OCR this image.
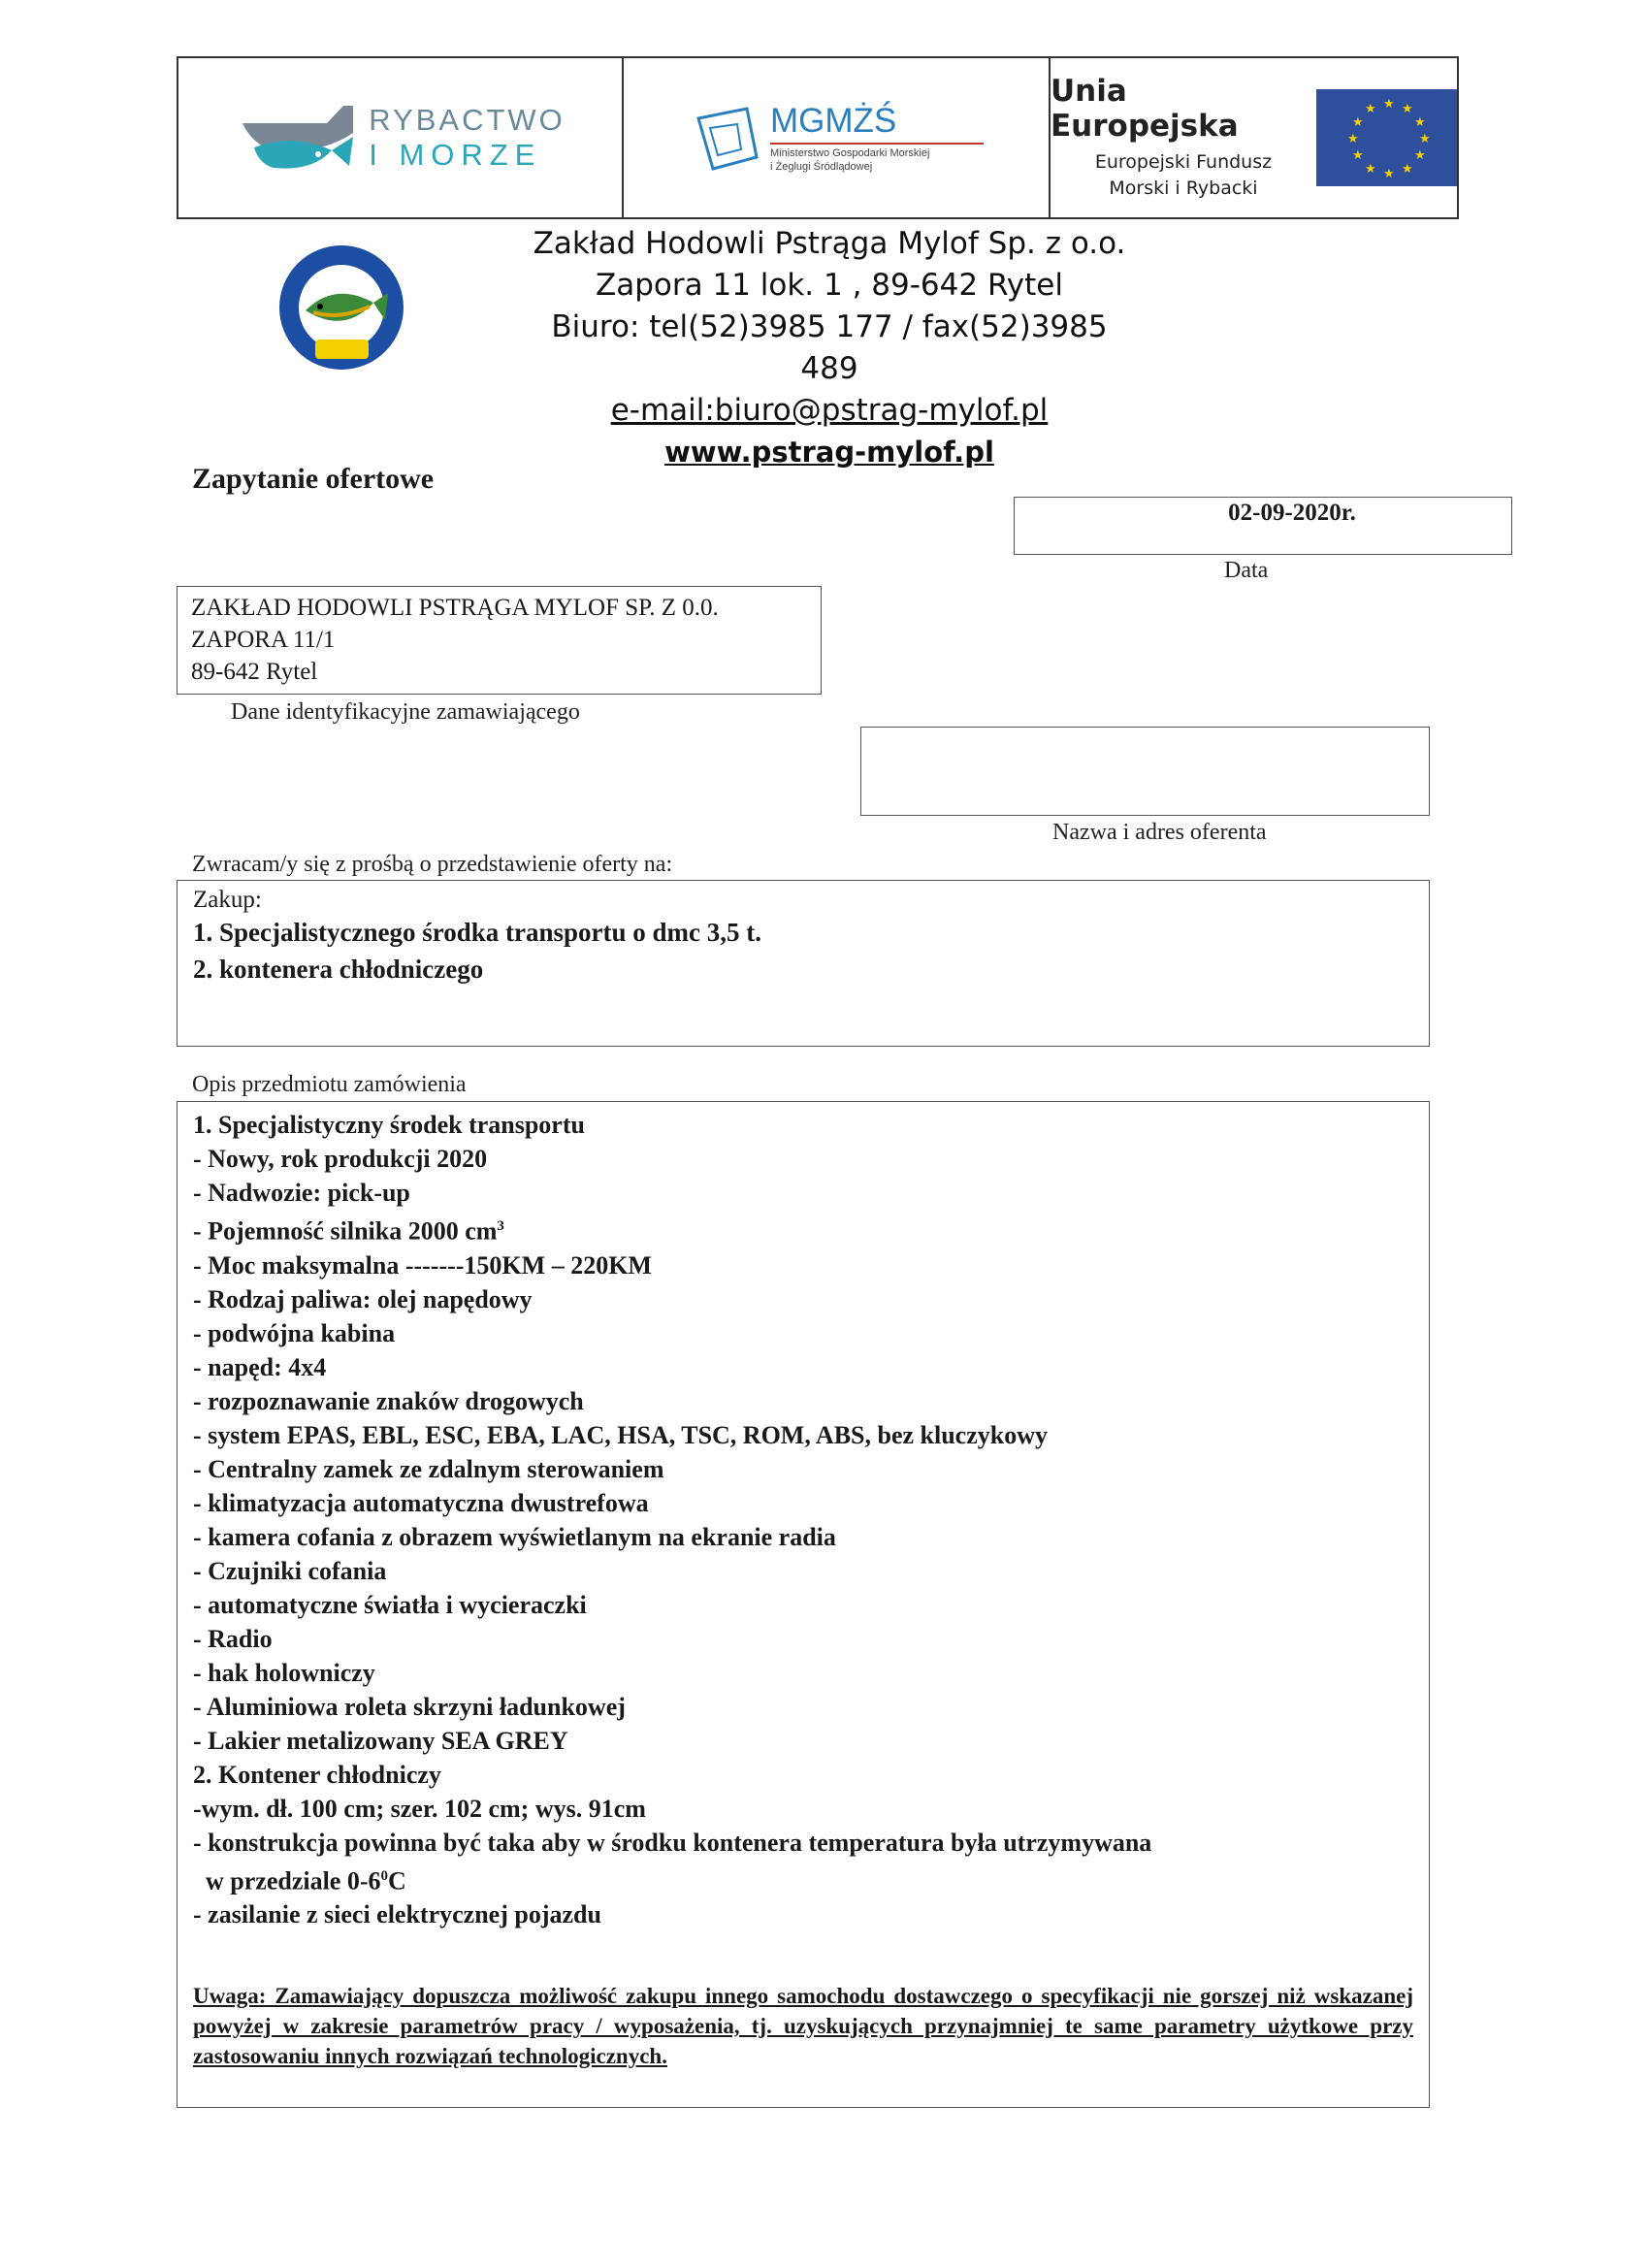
RYBACTWO
I MORZE
MGMŻŚ
Ministerstwo Gospodarki Morskiej
i Żeglugi Śródlądowej
Unia Europejska
Europejski Fundusz
Morski i Rybacki
★ ★
★
★
★
★
★
★
★
★
★
★
Zakład Hodowli Pstrąga Mylof Sp. z o.o.
Zapora 11 lok. 1 , 89-642 Rytel
Biuro: tel(52)3985 177 / fax(52)3985 489
e-mail:biuro@pstrag-mylof.pl
www.pstrag-mylof.pl
Zapytanie ofertowe
02-09-2020r.
Data
ZAKŁAD HODOWLI PSTRĄGA MYLOF SP. Z 0.0.
ZAPORA 11/1
89-642 Rytel
Dane identyfikacyjne zamawiającego
Nazwa i adres oferenta
Zwracam/y się z prośbą o przedstawienie oferty na:
Zakup:
1. Specjalistycznego środka transportu o dmc 3,5 t.
2. kontenera chłodniczego
Opis przedmiotu zamówienia
1. Specjalistyczny środek transportu
- Nowy, rok produkcji 2020
- Nadwozie: pick-up
- Pojemność silnika 2000 $cm^3$
- Moc maksymalna -------150KM – 220KM
- Rodzaj paliwa: olej napędowy
- podwójna kabina
- napęd: 4x4
- rozpoznawanie znaków drogowych
- system EPAS, EBL, ESC, EBA, LAC, HSA, TSC, ROM, ABS, bez kluczykowy
- Centralny zamek ze zdalnym sterowaniem
- klimatyzacja automatyczna dwustrefowa
- kamera cofania z obrazem wyświetlanym na ekranie radia
- Czujniki cofania
- automatyczne światła i wycieraczki
- Radio
- hak holowniczy
- Aluminiowa roleta skrzyni ładunkowej
- Lakier metalizowany SEA GREY
2. Kontener chłodniczy
-wym. dł. 100 cm; szer. 102 cm; wys. 91cm
- konstrukcja powinna być taka aby w środku kontenera temperatura była utrzymywana
w przedziale $0-6^0C$
- zasilanie z sieci elektrycznej pojazdu
Uwaga: Zamawiający dopuszcza możliwość zakupu innego samochodu dostawczego o specyfikacji nie gorszej niż wskazanej powyżej w zakresie parametrów pracy / wyposażenia, tj. uzyskujących przynajmniej te same parametry użytkowe przy zastosowaniu innych rozwiązań technologicznych.
